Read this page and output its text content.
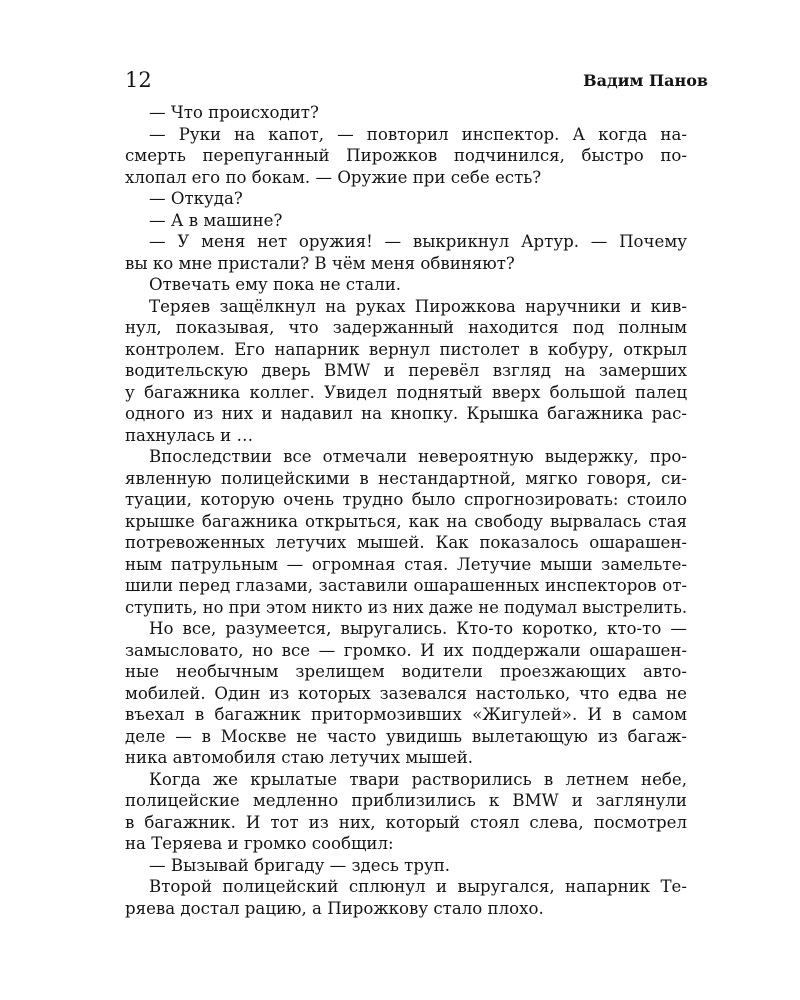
12	Вадим Панов
— Что происходит?
— Руки на капот, — повторил инспектор. А когда на-
смерть перепуганный Пирожков подчинился, быстро по-
хлопал его по бокам. — Оружие при себе есть?
— Откуда?
— А в машине?
— У меня нет оружия! — выкрикнул Артур. — Почему
вы ко мне пристали? В чём меня обвиняют?
Отвечать ему пока не стали.
Теряев защёлкнул на руках Пирожкова наручники и кив-
нул, показывая, что задержанный находится под полным
контролем. Его напарник вернул пистолет в кобуру, открыл
водительскую дверь BMW и перевёл взгляд на замерших
у багажника коллег. Увидел поднятый вверх большой палец
одного из них и надавил на кнопку. Крышка багажника рас-
пахнулась и …
Впоследствии все отмечали невероятную выдержку, про-
явленную полицейскими в нестандартной, мягко говоря, си-
туации, которую очень трудно было спрогнозировать: стоило
крышке багажника открыться, как на свободу вырвалась стая
потревоженных летучих мышей. Как показалось ошарашен-
ным патрульным — огромная стая. Летучие мыши замельте-
шили перед глазами, заставили ошарашенных инспекторов от-
ступить, но при этом никто из них даже не подумал выстрелить.
Но все, разумеется, выругались. Кто-то коротко, кто-то —
замысловато, но все — громко. И их поддержали ошарашен-
ные необычным зрелищем водители проезжающих авто-
мобилей. Один из которых зазевался настолько, что едва не
въехал в багажник притормозивших «Жигулей». И в самом
деле — в Москве не часто увидишь вылетающую из багаж-
ника автомобиля стаю летучих мышей.
Когда же крылатые твари растворились в летнем небе,
полицейские медленно приблизились к BMW и заглянули
в багажник. И тот из них, который стоял слева, посмотрел
на Теряева и громко сообщил:
— Вызывай бригаду — здесь труп.
Второй полицейский сплюнул и выругался, напарник Те-
ряева достал рацию, а Пирожкову стало плохо.
